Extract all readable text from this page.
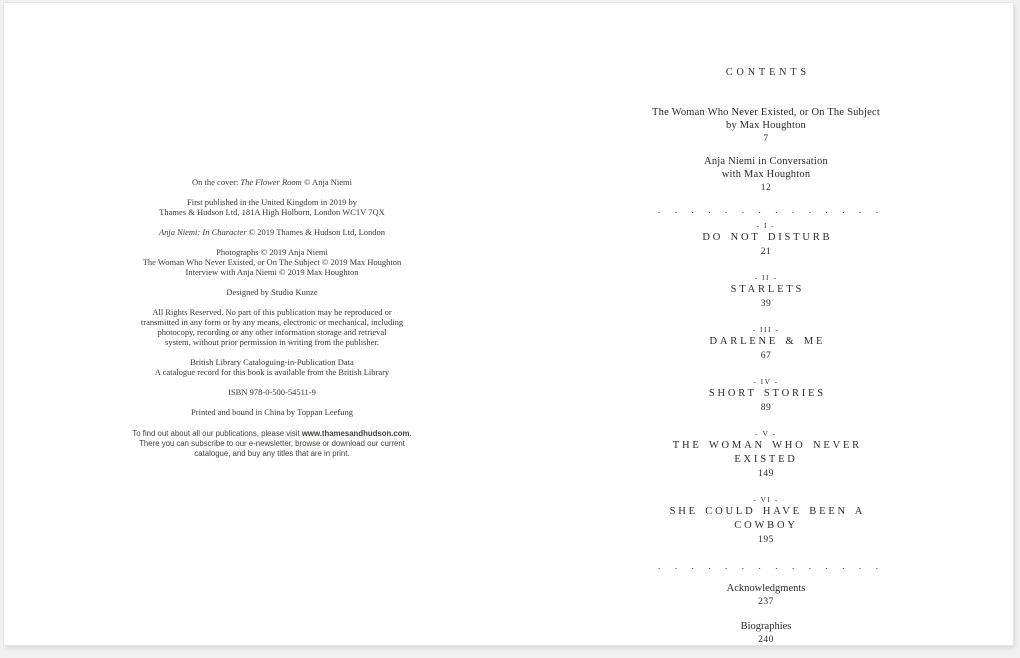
On the cover: The Flower Room © Anja Niemi

First published in the United Kingdom in 2019 by
Thames & Hudson Ltd, 181A High Holborn, London WC1V 7QX

Anja Niemi: In Character © 2019 Thames & Hudson Ltd, London

Photographs © 2019 Anja Niemi
The Woman Who Never Existed, or On The Subject © 2019 Max Houghton
Interview with Anja Niemi © 2019 Max Houghton

Designed by Studio Kunze

All Rights Reserved. No part of this publication may be reproduced or
transmitted in any form or by any means, electronic or mechanical, including
photocopy, recording or any other information storage and retrieval
system, without prior permission in writing from the publisher.

British Library Cataloguing-in-Publication Data
A catalogue record for this book is available from the British Library

ISBN 978-0-500-54511-9

Printed and bound in China by Toppan Leefung

To find out about all our publications, please visit www.thamesandhudson.com.
There you can subscribe to our e-newsletter, browse or download our current
catalogue, and buy any titles that are in print.
CONTENTS
The Woman Who Never Existed, or On The Subject
by Max Houghton
7
Anja Niemi in Conversation
with Max Houghton
12
..............
- I -
DO NOT DISTURB
21
- II -
STARLETS
39
- III -
DARLENE & ME
67
- IV -
SHORT STORIES
89
- V -
THE WOMAN WHO NEVER EXISTED
149
- VI -
SHE COULD HAVE BEEN A COWBOY
195
..............
Acknowledgments
237
Biographies
240
